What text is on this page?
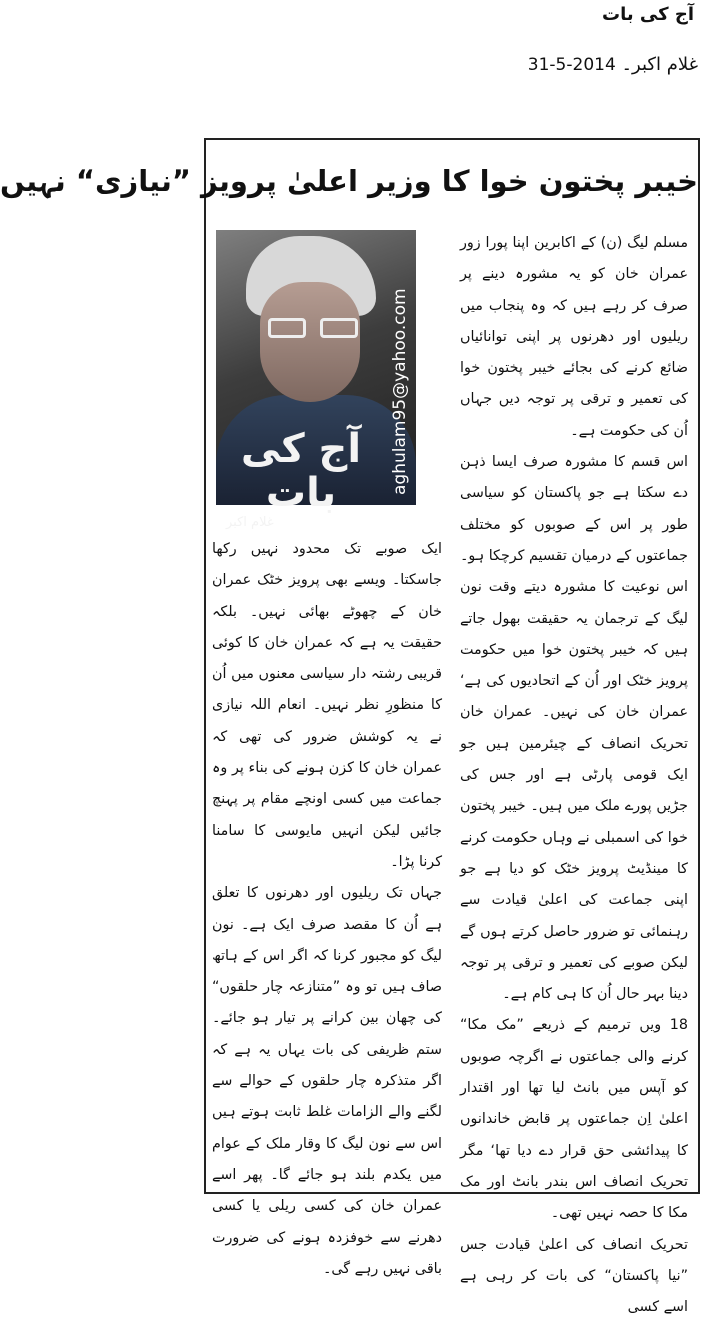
آج کی بات
غلام اکبر۔ 31-5-2014
خیبر پختون خوا کا وزیر اعلیٰ پرویز ”نیازی“ نہیں

مسلم لیگ (ن) کے اکابرین اپنا پورا زور عمران خان کو یہ مشورہ دینے پر صرف کر رہے ہیں کہ وہ پنجاب میں ریلیوں اور دھرنوں پر اپنی توانائیاں ضائع کرنے کی بجائے خیبر پختون خوا کی تعمیر و ترقی پر توجہ دیں جہاں اُن کی حکومت ہے۔

اس قسم کا مشورہ صرف ایسا ذہن دے سکتا ہے جو پاکستان کو سیاسی طور پر اس کے صوبوں کو مختلف جماعتوں کے درمیان تقسیم کرچکا ہو۔ اس نوعیت کا مشورہ دیتے وقت نون لیگ کے ترجمان یہ حقیقت بھول جاتے ہیں کہ خیبر پختون خوا میں حکومت پرویز خٹک اور اُن کے اتحادیوں کی ہے‘ عمران خان کی نہیں۔ عمران خان تحریک انصاف کے چیئرمین ہیں جو ایک قومی پارٹی ہے اور جس کی جڑیں پورے ملک میں ہیں۔ خیبر پختون خوا کی اسمبلی نے وہاں حکومت کرنے کا مینڈیٹ پرویز خٹک کو دیا ہے جو اپنی جماعت کی اعلیٰ قیادت سے رہنمائی تو ضرور حاصل کرتے ہوں گے لیکن صوبے کی تعمیر و ترقی پر توجہ دینا بہر حال اُن کا ہی کام ہے۔

18 ویں ترمیم کے ذریعے ”مک مکا“ کرنے والی جماعتوں نے اگرچہ صوبوں کو آپس میں بانٹ لیا تھا اور اقتدار اعلیٰ اِن جماعتوں پر قابض خاندانوں کا پیدائشی حق قرار دے دیا تھا‘ مگر تحریک انصاف اس بندر بانٹ اور مک مکا کا حصہ نہیں تھی۔

تحریک انصاف کی اعلیٰ قیادت جس ”نیا پاکستان“ کی بات کر رہی ہے اسے کسی

aghulam95@yahoo.com
آج کی بات
غلام اکبر

ایک صوبے تک محدود نہیں رکھا جاسکتا۔ ویسے بھی پرویز خٹک عمران خان کے چھوٹے بھائی نہیں۔ بلکہ حقیقت یہ ہے کہ عمران خان کا کوئی قریبی رشتہ دار سیاسی معنوں میں اُن کا منظورِ نظر نہیں۔ انعام اللہ نیازی نے یہ کوشش ضرور کی تھی کہ عمران خان کا کزن ہونے کی بناء پر وہ جماعت میں کسی اونچے مقام پر پہنچ جائیں لیکن انہیں مایوسی کا سامنا کرنا پڑا۔

جہاں تک ریلیوں اور دھرنوں کا تعلق ہے اُن کا مقصد صرف ایک ہے۔ نون لیگ کو مجبور کرنا کہ اگر اس کے ہاتھ صاف ہیں تو وہ ”متنازعہ چار حلقوں“ کی چھان بین کرانے پر تیار ہو جائے۔ ستم ظریفی کی بات یہاں یہ ہے کہ اگر متذکرہ چار حلقوں کے حوالے سے لگنے والے الزامات غلط ثابت ہوتے ہیں اس سے نون لیگ کا وقار ملک کے عوام میں یکدم بلند ہو جائے گا۔ پھر اسے عمران خان کی کسی ریلی یا کسی دھرنے سے خوفزدہ ہونے کی ضرورت باقی نہیں رہے گی۔
